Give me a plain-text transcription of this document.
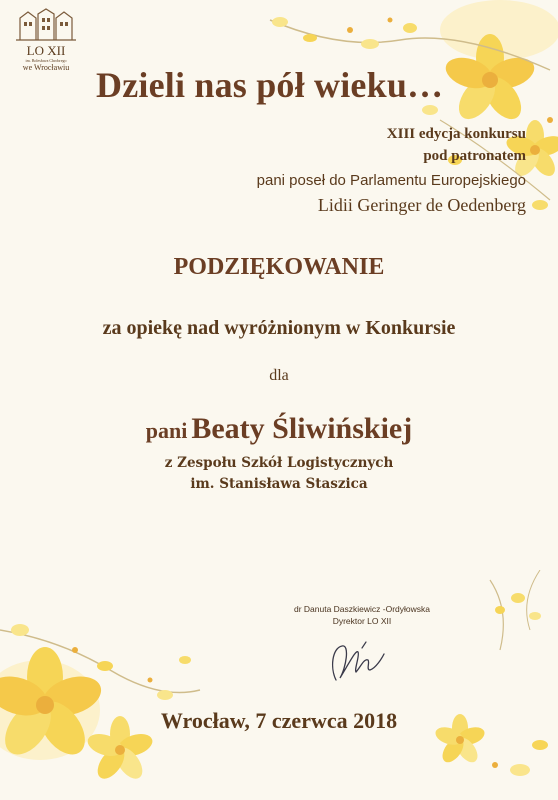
LO XII
im. Bolesława Chrobrego
we Wrocławiu Dzieli nas pół wieku…
XIII edycja konkursu
pod patronatem
pani poseł do Parlamentu Europejskiego
Lidii Geringer de Oedenberg
PODZIĘKOWANIE
za opiekę nad wyróżnionym w Konkursie
dla
pani Beaty Śliwińskiej
z Zespołu Szkół Logistycznych
im. Stanisława Staszica
dr Danuta Daszkiewicz -Ordyłowska
Dyrektor LO XII
Wrocław, 7 czerwca 2018
